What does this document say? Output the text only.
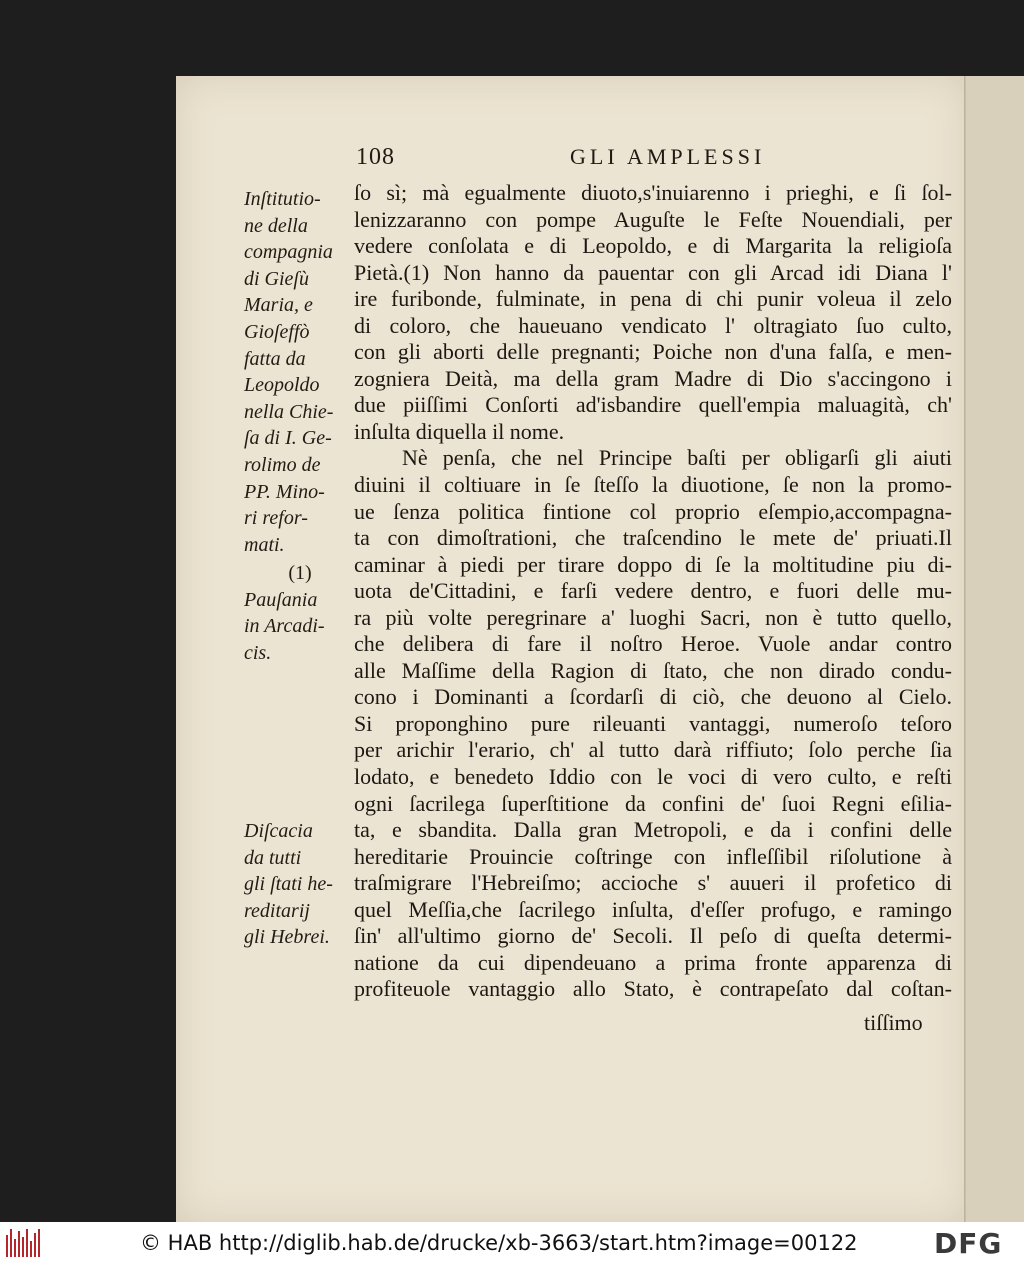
108	GLI AMPLESSI
Inſtitutio-
ne della
compagnia
di Gieſù
Maria, e
Gioſeffò
fatta da
Leopoldo
nella Chie-
ſa di I. Ge-
rolimo de
PP. Mino-
ri refor-
mati.
(1)
Pauſania
in Arcadi-
cis.
Diſcacia
da tutti
gli ſtati he-
reditarij
gli Hebrei.
ſo sì; mà egualmente diuoto,s'inuiarenno i prieghi, e ſi ſol-
lenizzaranno con pompe Auguſte le Feſte Nouendiali, per
vedere conſolata e di Leopoldo, e di Margarita la religioſa
Pietà.(1) Non hanno da pauentar con gli Arcad idi Diana l'
ire furibonde, fulminate, in pena di chi punir voleua il zelo
di coloro, che haueuano vendicato l' oltragiato ſuo culto,
con gli aborti delle pregnanti; Poiche non d'una falſa, e men-
zogniera Deità, ma della gram Madre di Dio s'accingono i
due piiſſimi Conſorti ad'isbandire quell'empia maluagità, ch'
inſulta diquella il nome.
Nè penſa, che nel Principe baſti per obligarſi gli aiuti
diuini il coltiuare in ſe ſteſſo la diuotione, ſe non la promo-
ue ſenza politica fintione col proprio eſempio,accompagna-
ta con dimoſtrationi, che traſcendino le mete de' priuati.Il
caminar à piedi per tirare doppo di ſe la moltitudine piu di-
uota de'Cittadini, e farſi vedere dentro, e fuori delle mu-
ra più volte peregrinare a' luoghi Sacri, non è tutto quello,
che delibera di fare il noſtro Heroe. Vuole andar contro
alle Maſſime della Ragion di ſtato, che non dirado condu-
cono i Dominanti a ſcordarſi di ciò, che deuono al Cielo.
Si proponghino pure rileuanti vantaggi, numeroſo teſoro
per arichir l'erario, ch' al tutto darà riffiuto; ſolo perche ſia
lodato, e benedeto Iddio con le voci di vero culto, e reſti
ogni ſacrilega ſuperſtitione da confini de' ſuoi Regni eſilia-
ta, e sbandita. Dalla gran Metropoli, e da i confini delle
hereditarie Prouincie coſtringe con infleſſibil riſolutione à
traſmigrare l'Hebreiſmo; accioche s' auueri il profetico di
quel Meſſia,che ſacrilego inſulta, d'eſſer profugo, e ramingo
ſin' all'ultimo giorno de' Secoli. Il peſo di queſta determi-
natione da cui dipendeuano a prima fronte apparenza di
profiteuole vantaggio allo Stato, è contrapeſato dal coſtan-
tiſſimo
© HAB http://diglib.hab.de/drucke/xb-3663/start.htm?image=00122	DFG
